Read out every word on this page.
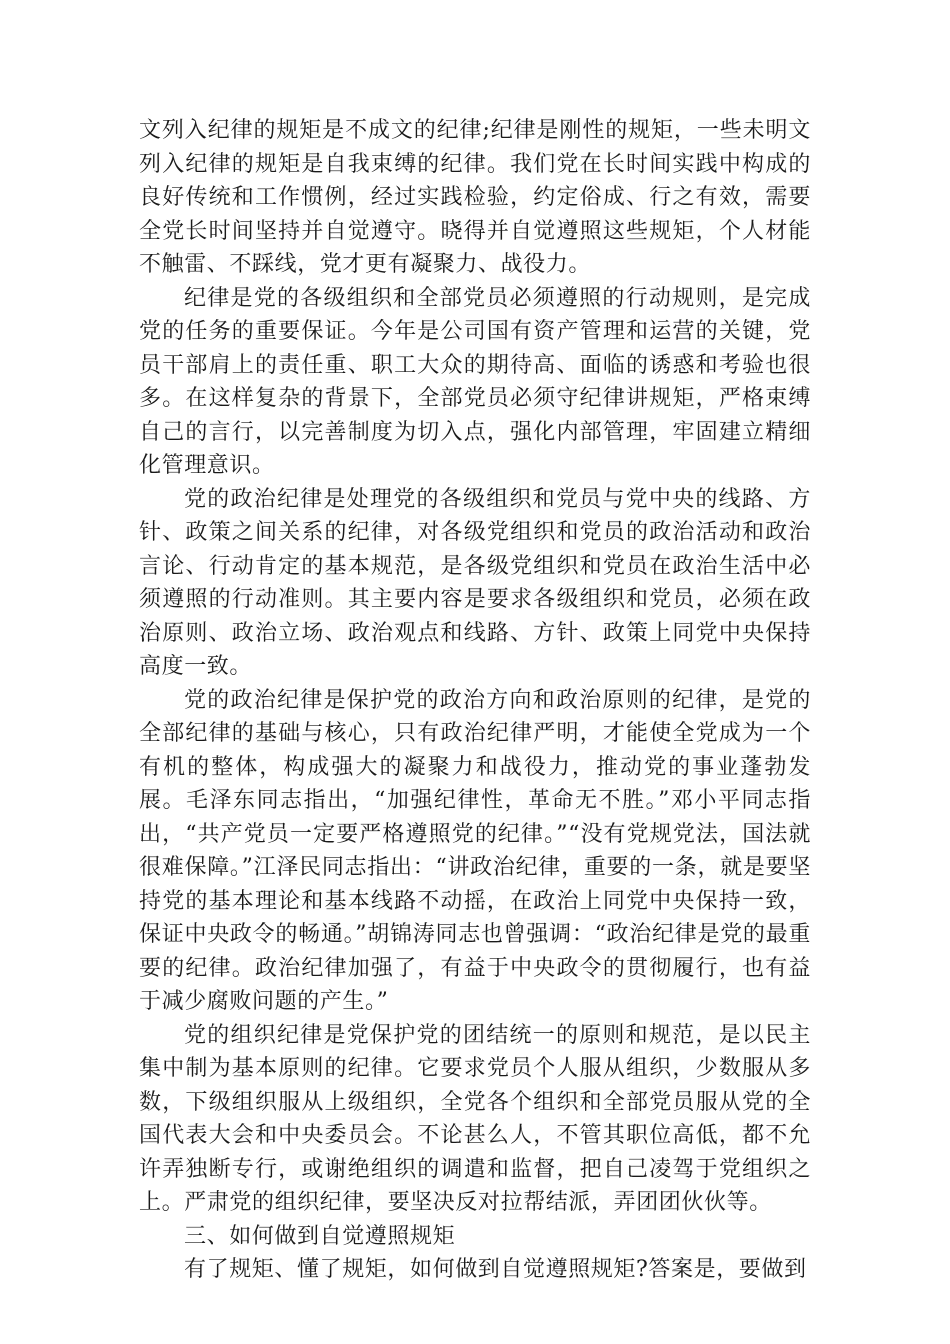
文列入纪律的规矩是不成文的纪律;纪律是刚性的规矩，一些未明文列入纪律的规矩是自我束缚的纪律。我们党在长时间实践中构成的良好传统和工作惯例，经过实践检验，约定俗成、行之有效，需要全党长时间坚持并自觉遵守。晓得并自觉遵照这些规矩，个人材能不触雷、不踩线，党才更有凝聚力、战役力。

纪律是党的各级组织和全部党员必须遵照的行动规则，是完成党的任务的重要保证。今年是公司国有资产管理和运营的关键，党员干部肩上的责任重、职工大众的期待高、面临的诱惑和考验也很多。在这样复杂的背景下，全部党员必须守纪律讲规矩，严格束缚自己的言行，以完善制度为切入点，强化内部管理，牢固建立精细化管理意识。

党的政治纪律是处理党的各级组织和党员与党中央的线路、方针、政策之间关系的纪律，对各级党组织和党员的政治活动和政治言论、行动肯定的基本规范，是各级党组织和党员在政治生活中必须遵照的行动准则。其主要内容是要求各级组织和党员，必须在政治原则、政治立场、政治观点和线路、方针、政策上同党中央保持高度一致。

党的政治纪律是保护党的政治方向和政治原则的纪律，是党的全部纪律的基础与核心，只有政治纪律严明，才能使全党成为一个有机的整体，构成强大的凝聚力和战役力，推动党的事业蓬勃发展。毛泽东同志指出，“加强纪律性，革命无不胜。”邓小平同志指出，“共产党员一定要严格遵照党的纪律。”“没有党规党法，国法就很难保障。”江泽民同志指出：“讲政治纪律，重要的一条，就是要坚持党的基本理论和基本线路不动摇，在政治上同党中央保持一致，保证中央政令的畅通。”胡锦涛同志也曾强调：“政治纪律是党的最重要的纪律。政治纪律加强了，有益于中央政令的贯彻履行，也有益于减少腐败问题的产生。”

党的组织纪律是党保护党的团结统一的原则和规范，是以民主集中制为基本原则的纪律。它要求党员个人服从组织，少数服从多数，下级组织服从上级组织，全党各个组织和全部党员服从党的全国代表大会和中央委员会。不论甚么人，不管其职位高低，都不允许弄独断专行，或谢绝组织的调遣和监督，把自己凌驾于党组织之上。严肃党的组织纪律，要坚决反对拉帮结派，弄团团伙伙等。

三、如何做到自觉遵照规矩

有了规矩、懂了规矩，如何做到自觉遵照规矩?答案是，要做到
